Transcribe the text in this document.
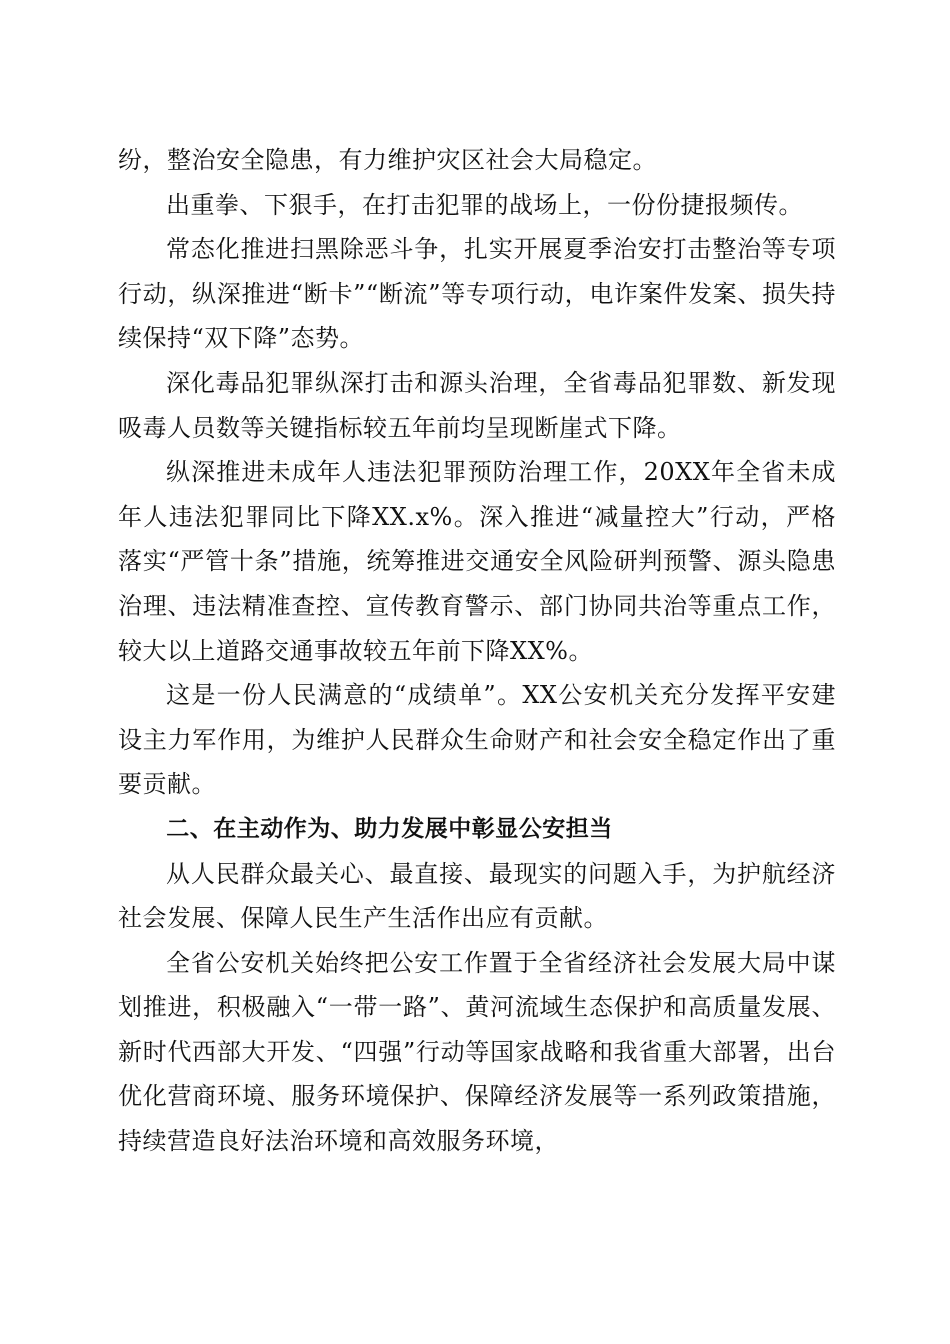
纷，整治安全隐患，有力维护灾区社会大局稳定。

出重拳、下狠手，在打击犯罪的战场上，一份份捷报频传。

常态化推进扫黑除恶斗争，扎实开展夏季治安打击整治等专项行动，纵深推进“断卡”“断流”等专项行动，电诈案件发案、损失持续保持“双下降”态势。

深化毒品犯罪纵深打击和源头治理，全省毒品犯罪数、新发现吸毒人员数等关键指标较五年前均呈现断崖式下降。

纵深推进未成年人违法犯罪预防治理工作，20XX年全省未成年人违法犯罪同比下降XX.x%。深入推进“减量控大”行动，严格落实“严管十条”措施，统筹推进交通安全风险研判预警、源头隐患治理、违法精准查控、宣传教育警示、部门协同共治等重点工作，较大以上道路交通事故较五年前下降XX%。

这是一份人民满意的“成绩单”。XX公安机关充分发挥平安建设主力军作用，为维护人民群众生命财产和社会安全稳定作出了重要贡献。

二、在主动作为、助力发展中彰显公安担当

从人民群众最关心、最直接、最现实的问题入手，为护航经济社会发展、保障人民生产生活作出应有贡献。

全省公安机关始终把公安工作置于全省经济社会发展大局中谋划推进，积极融入“一带一路”、黄河流域生态保护和高质量发展、新时代西部大开发、“四强”行动等国家战略和我省重大部署，出台优化营商环境、服务环境保护、保障经济发展等一系列政策措施，持续营造良好法治环境和高效服务环境，
